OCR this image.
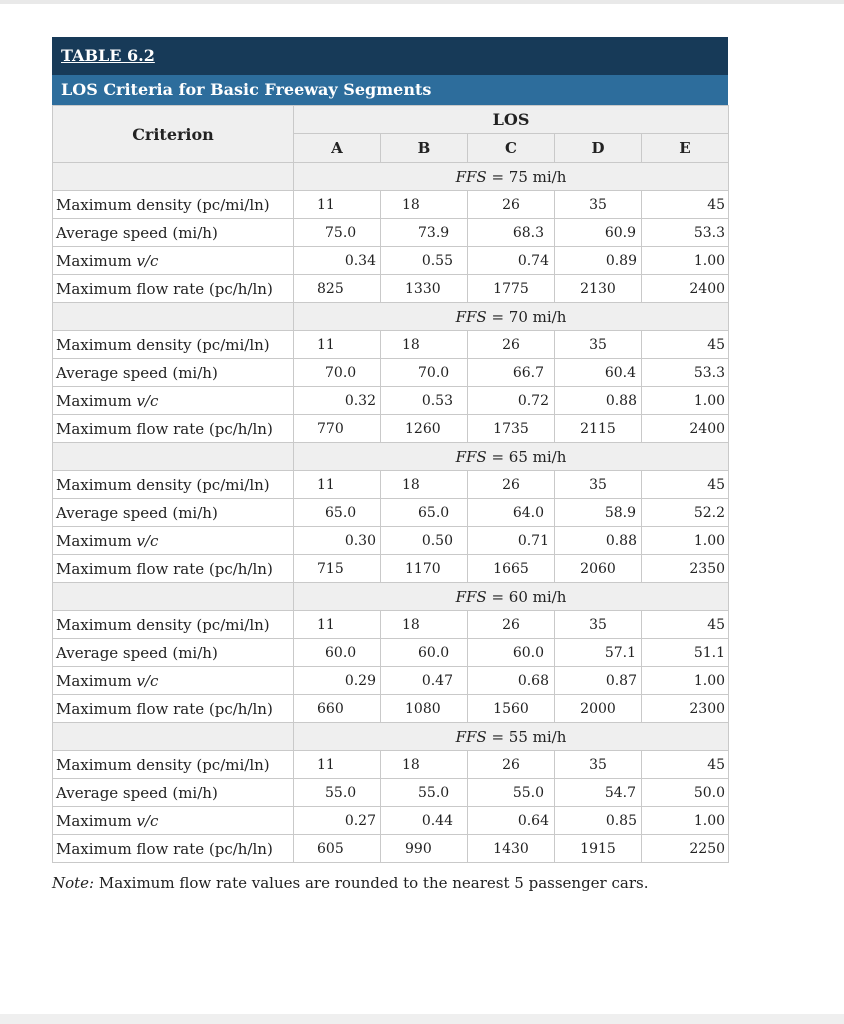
TABLE 6.2
LOS Criteria for Basic Freeway Segments
Criterion	LOS				
	A	B	C	D	E
	FFS = 75 mi/h				
Maximum density (pc/mi/ln)	11	18	26	35	45
Average speed (mi/h)	75.0	73.9	68.3	60.9	53.3
Maximum v/c	0.34	0.55	0.74	0.89	1.00
Maximum flow rate (pc/h/ln)	825	1330	1775	2130	2400
	FFS = 70 mi/h				
Maximum density (pc/mi/ln)	11	18	26	35	45
Average speed (mi/h)	70.0	70.0	66.7	60.4	53.3
Maximum v/c	0.32	0.53	0.72	0.88	1.00
Maximum flow rate (pc/h/ln)	770	1260	1735	2115	2400
	FFS = 65 mi/h				
Maximum density (pc/mi/ln)	11	18	26	35	45
Average speed (mi/h)	65.0	65.0	64.0	58.9	52.2
Maximum v/c	0.30	0.50	0.71	0.88	1.00
Maximum flow rate (pc/h/ln)	715	1170	1665	2060	2350
	FFS = 60 mi/h				
Maximum density (pc/mi/ln)	11	18	26	35	45
Average speed (mi/h)	60.0	60.0	60.0	57.1	51.1
Maximum v/c	0.29	0.47	0.68	0.87	1.00
Maximum flow rate (pc/h/ln)	660	1080	1560	2000	2300
	FFS = 55 mi/h				
Maximum density (pc/mi/ln)	11	18	26	35	45
Average speed (mi/h)	55.0	55.0	55.0	54.7	50.0
Maximum v/c	0.27	0.44	0.64	0.85	1.00
Maximum flow rate (pc/h/ln)	605	990	1430	1915	2250
Note: Maximum flow rate values are rounded to the nearest 5 passenger cars.
